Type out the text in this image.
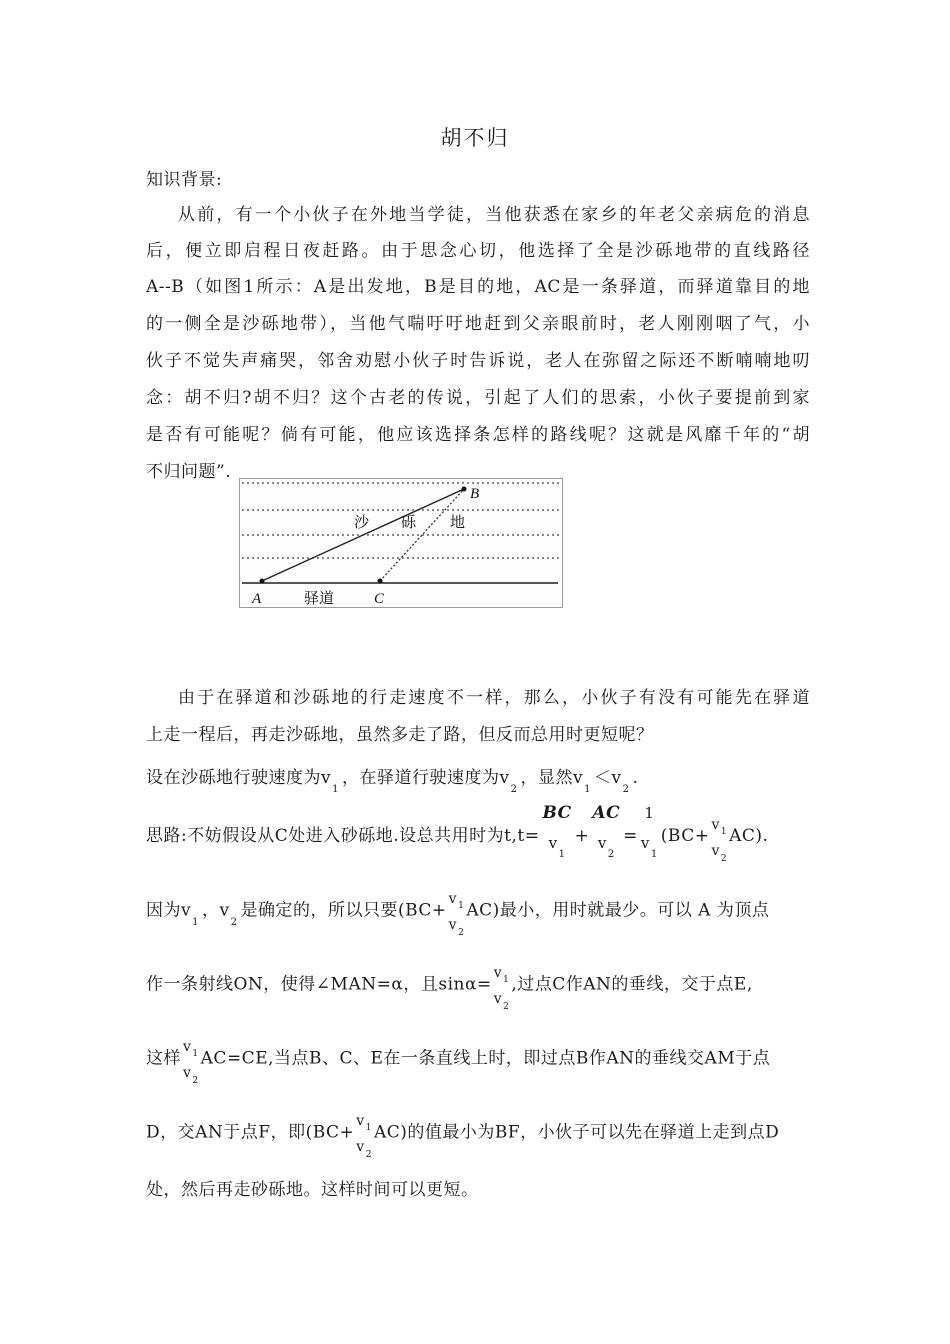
胡不归
知识背景:
从前，有一个小伙子在外地当学徒，当他获悉在家乡的年老父亲病危的消息
后，便立即启程日夜赶路。由于思念心切，他选择了全是沙砾地带的直线路径
A--B（如图1所示：A是出发地，B是目的地，AC是一条驿道，而驿道靠目的地
的一侧全是沙砾地带），当他气喘吁吁地赶到父亲眼前时，老人刚刚咽了气，小
伙子不觉失声痛哭，邻舍劝慰小伙子时告诉说，老人在弥留之际还不断喃喃地叨
念：胡不归?胡不归？这个古老的传说，引起了人们的思索，小伙子要提前到家
是否有可能呢？倘有可能，他应该选择条怎样的路线呢？这就是风靡千年的“胡
不归问题”.
A	C
B
沙 砾 地
驿道
由于在驿道和沙砾地的行走速度不一样，那么，小伙子有没有可能先在驿道
上走一程后，再走沙砾地，虽然多走了路，但反而总用时更短呢？
设在沙砾地行驶速度为$v_1$，在驿道行驶速度为$v_2$，显然$v_1<v_2$.
思路:不妨假设从C处进入砂砾地.设总共用时为t,t=
BC
$v_1$
+
AC
$v_2$
=
1
$v_1$
(BC+
$v_1$
$v_2$
AC).
因为$v_1$，$v_2$是确定的，所以只要(BC+
$v_1$
$v_2$
AC)最小，用时就最少。可以 A 为顶点
作一条射线ON，使得∠MAN=α，且sinα=
$v_1$
$v_2$
,过点C作AN的垂线，交于点E,
这样
$v_1$
$v_2$
AC=CE,当点B、C、E在一条直线上时，即过点B作AN的垂线交AM于点
D，交AN于点F，即(BC+
$v_1$
$v_2$
AC)的值最小为BF，小伙子可以先在驿道上走到点D
处，然后再走砂砾地。这样时间可以更短。
